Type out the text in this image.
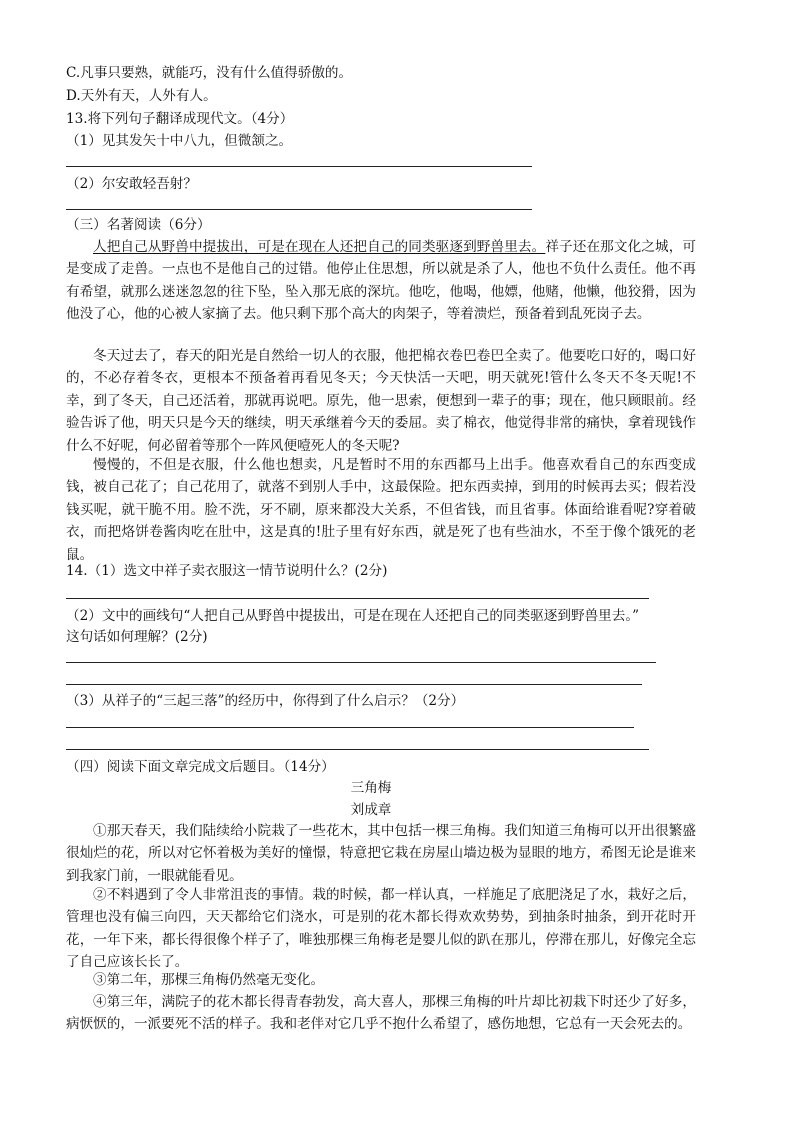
C.凡事只要熟，就能巧，没有什么值得骄傲的。
D.天外有天，人外有人。
13.将下列句子翻译成现代文。（4分）
（1）见其发矢十中八九，但微颔之。
（2）尔安敢轻吾射？
（三）名著阅读（6分）
人把自己从野兽中提拔出，可是在现在人还把自己的同类驱逐到野兽里去。祥子还在那文化之城，可是变成了走兽。一点也不是他自己的过错。他停止住思想，所以就是杀了人，他也不负什么责任。他不再有希望，就那么迷迷忽忽的往下坠，坠入那无底的深坑。他吃，他喝，他嫖，他赌，他懒，他狡猾，因为他没了心，他的心被人家摘了去。他只剩下那个高大的肉架子，等着溃烂，预备着到乱死岗子去。
冬天过去了，春天的阳光是自然给一切人的衣服，他把棉衣卷巴卷巴全卖了。他要吃口好的，喝口好的，不必存着冬衣，更根本不预备着再看见冬天；今天快活一天吧，明天就死!管什么冬天不冬天呢!不幸，到了冬天，自己还活着，那就再说吧。原先，他一思索，便想到一辈子的事；现在，他只顾眼前。经验告诉了他，明天只是今天的继续，明天承继着今天的委屈。卖了棉衣，他觉得非常的痛快，拿着现钱作什么不好呢，何必留着等那个一阵风便噎死人的冬天呢?
慢慢的，不但是衣服，什么他也想卖，凡是暂时不用的东西都马上出手。他喜欢看自己的东西变成钱，被自己花了；自己花用了，就落不到别人手中，这最保险。把东西卖掉，到用的时候再去买；假若没钱买呢，就干脆不用。脸不洗，牙不刷，原来都没大关系，不但省钱，而且省事。体面给谁看呢?穿着破衣，而把烙饼卷酱肉吃在肚中，这是真的!肚子里有好东西，就是死了也有些油水，不至于像个饿死的老鼠。
14.（1）选文中祥子卖衣服这一情节说明什么？(2分)
（2）文中的画线句“人把自己从野兽中提拔出，可是在现在人还把自己的同类驱逐到野兽里去。”
这句话如何理解？(2分)
（3）从祥子的“三起三落”的经历中，你得到了什么启示？（2分）
（四）阅读下面文章完成文后题目。（14分）
三角梅
刘成章
①那天春天，我们陆续给小院栽了一些花木，其中包括一棵三角梅。我们知道三角梅可以开出很繁盛很灿烂的花，所以对它怀着极为美好的憧憬，特意把它栽在房屋山墙边极为显眼的地方，希图无论是谁来到我家门前，一眼就能看见。
②不料遇到了令人非常沮丧的事情。栽的时候，都一样认真，一样施足了底肥浇足了水，栽好之后，管理也没有偏三向四，天天都给它们浇水，可是别的花木都长得欢欢势势，到抽条时抽条，到开花时开花，一年下来，都长得很像个样子了，唯独那棵三角梅老是婴儿似的趴在那儿，停滞在那儿，好像完全忘了自己应该长长了。
③第二年，那棵三角梅仍然毫无变化。
④第三年，满院子的花木都长得青春勃发，高大喜人，那棵三角梅的叶片却比初栽下时还少了好多，病恹恹的，一派要死不活的样子。我和老伴对它几乎不抱什么希望了，感伤地想，它总有一天会死去的。
